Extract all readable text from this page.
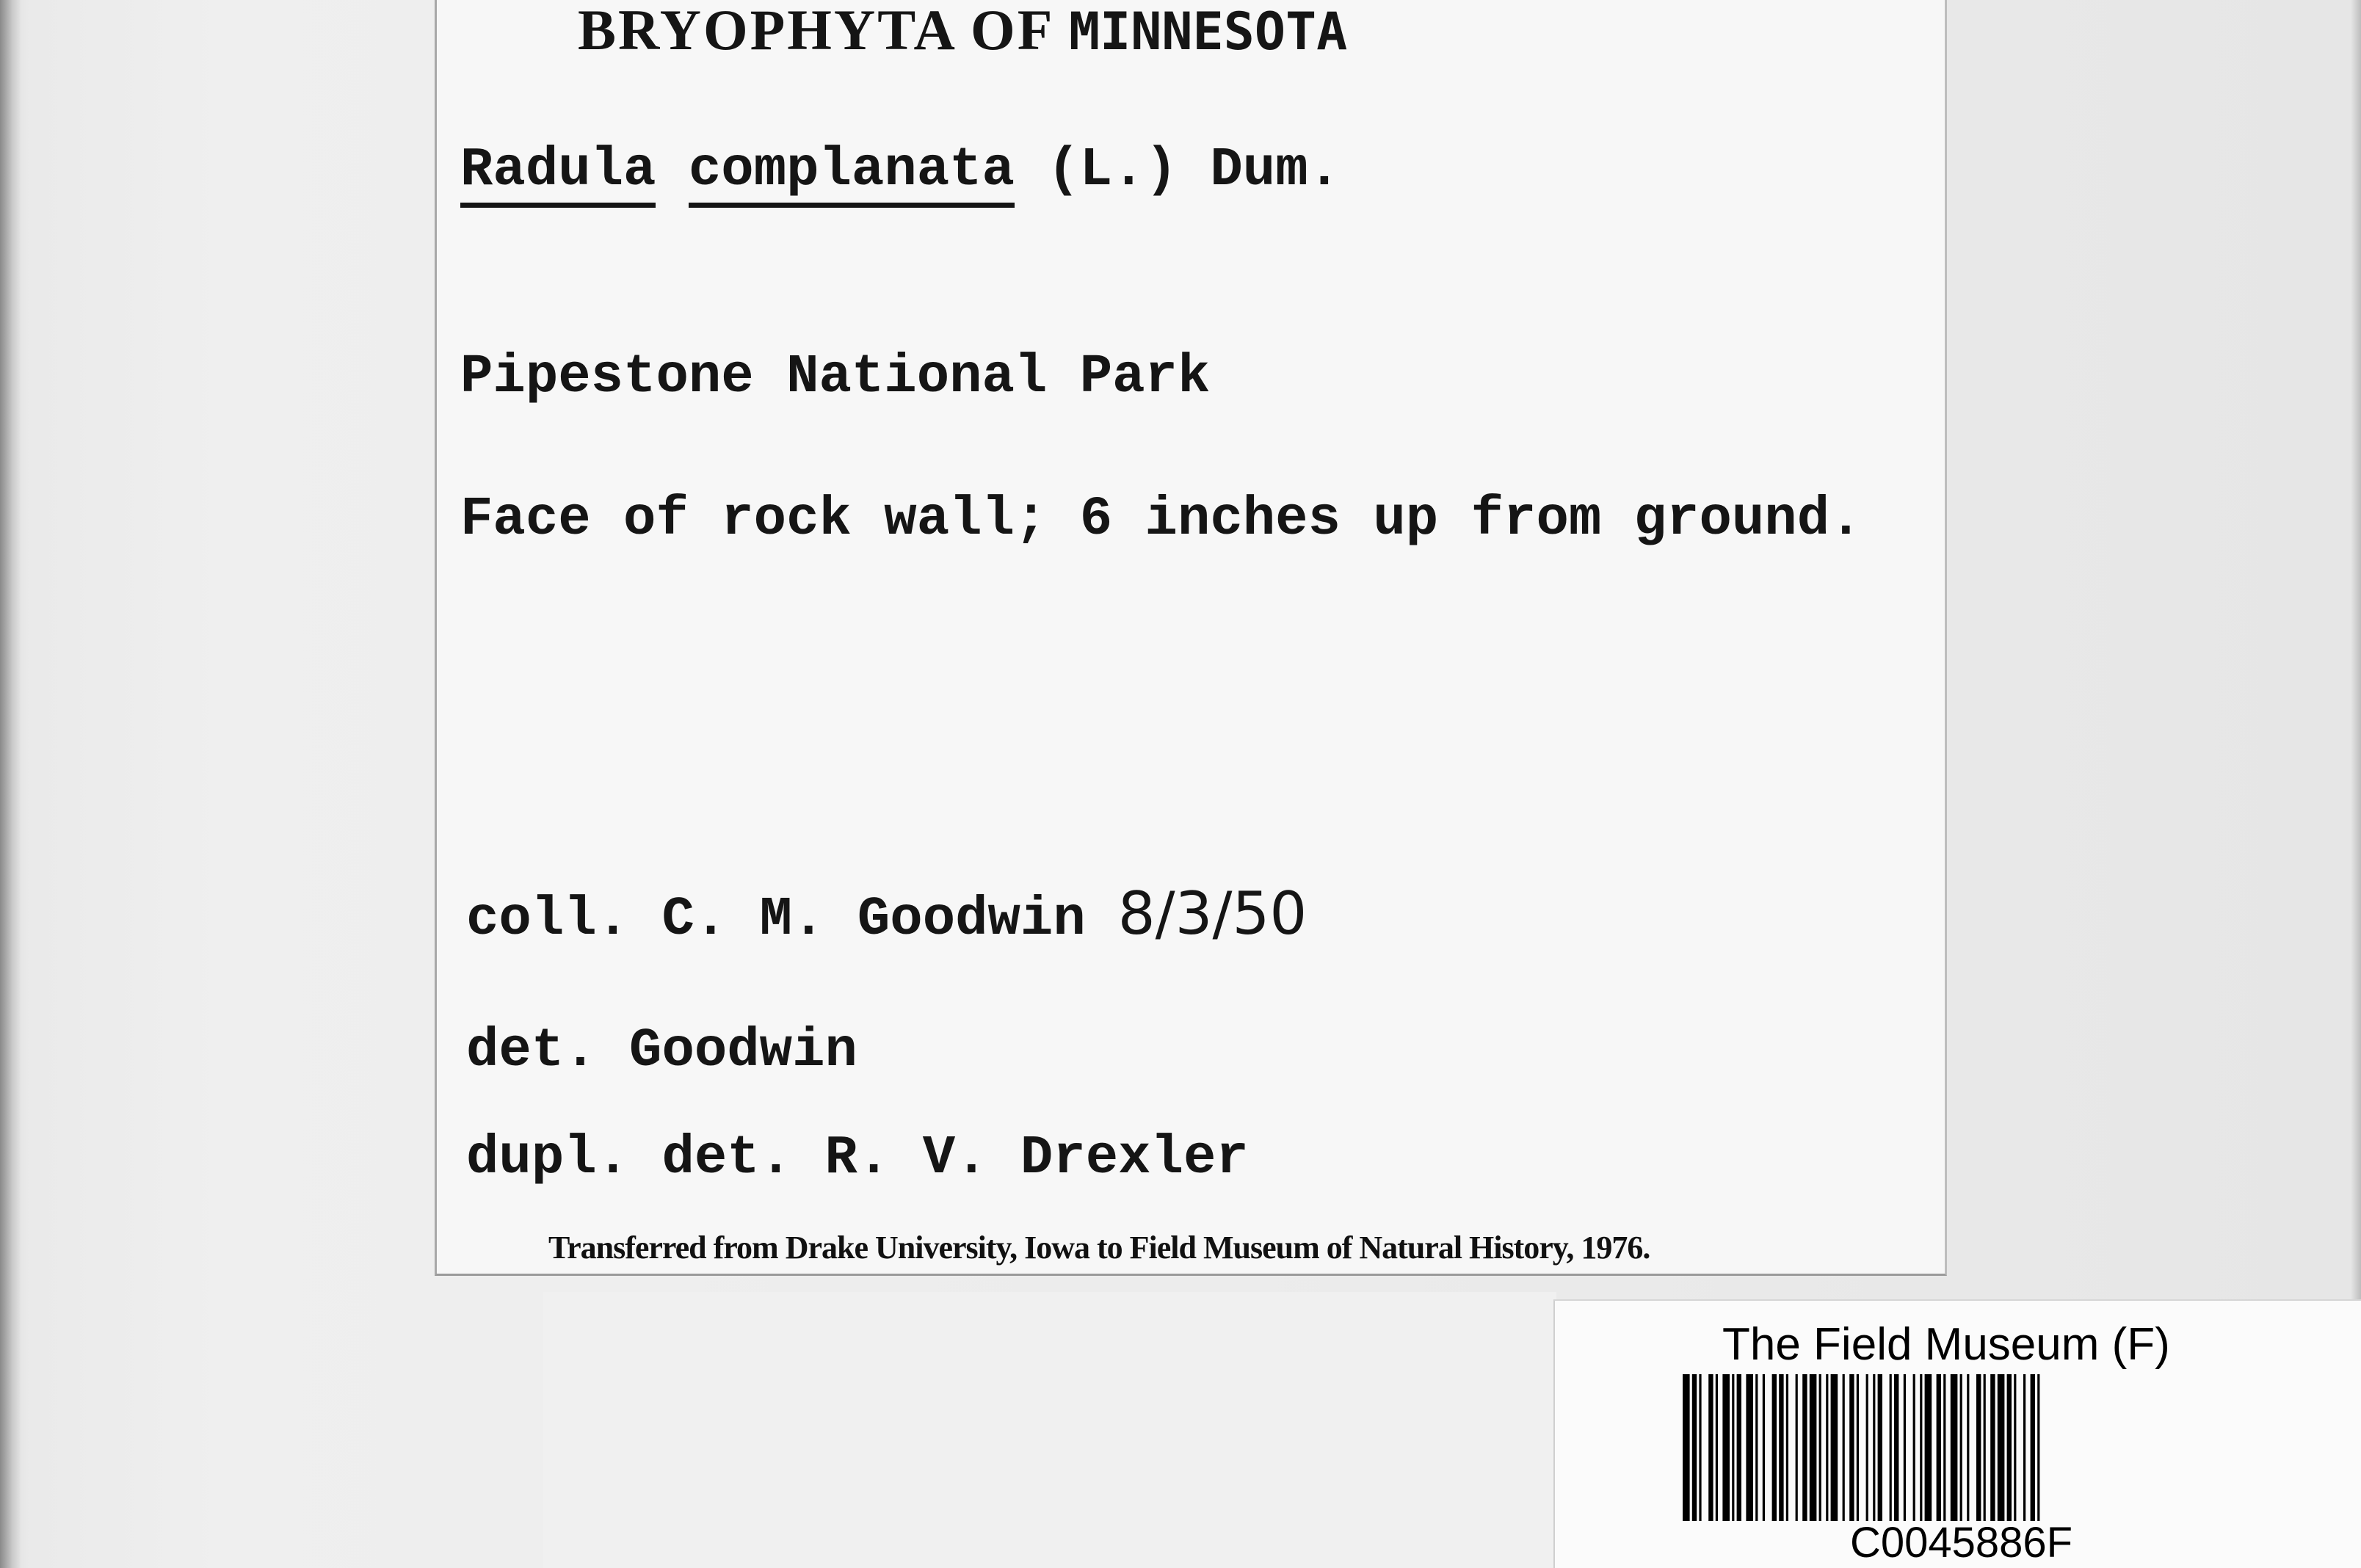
BRYOPHYTA OF MINNESOTA
Radula complanata (L.) Dum.
Pipestone National Park
Face of rock wall; 6 inches up from ground.
coll. C. M. Goodwin 8/3/50
det. Goodwin
dupl. det. R. V. Drexler
Transferred from Drake University, Iowa to Field Museum of Natural History, 1976.
The Field Museum (F)
C0045886F
